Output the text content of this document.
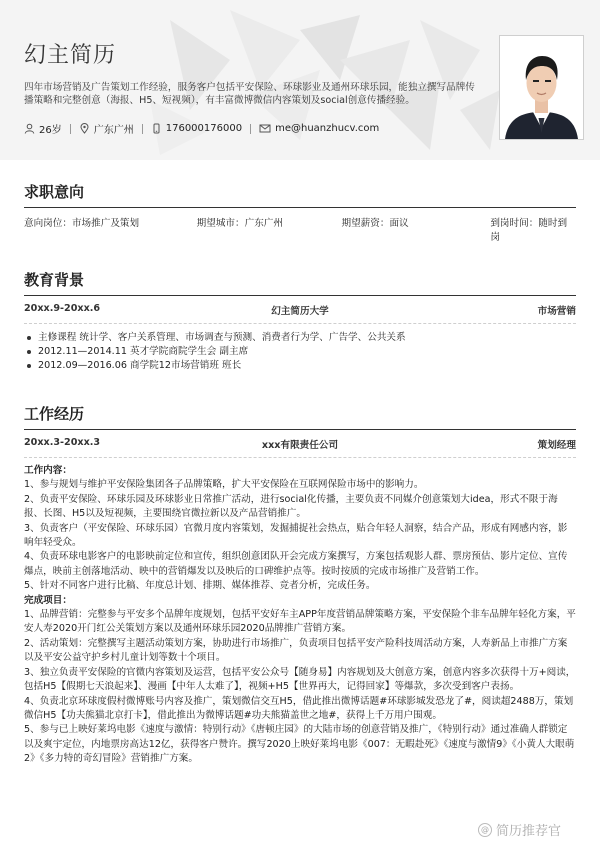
幻主简历

四年市场营销及广告策划工作经验，服务客户包括平安保险、环球影业及通州环球乐园，能独立撰写品牌传播策略和完整创意（海报、H5、短视频），有丰富微博微信内容策划及social创意传播经验。

26岁	广东广州	176000176000	me@huanzhucv.com
求职意向
意向岗位：市场推广及策划	期望城市：广东广州	期望薪资：面议	到岗时间：随时到岗
教育背景
20xx.9-20xx.6	幻主简历大学	市场营销
主修课程 统计学、客户关系管理、市场调查与预测、消费者行为学、广告学、公共关系
2012.11—2014.11 英才学院商院学生会 副主席
2012.09—2016.06 商学院12市场营销班 班长
工作经历
20xx.3-20xx.3	xxx有限责任公司	策划经理

工作内容：

1、参与规划与维护平安保险集团各子品牌策略，扩大平安保险在互联网保险市场中的影响力。

2、负责平安保险、环球乐园及环球影业日常推广活动，进行social化传播，主要负责不同媒介创意策划大idea，形式不限于海报、长图、H5以及短视频，主要围绕官微拉新以及产品营销推广。

3、负责客户（平安保险、环球乐园）官微月度内容策划，发掘捕捉社会热点，贴合年轻人洞察，结合产品，形成有网感内容，影响年轻受众。

4、负责环球电影客户的电影映前定位和宣传，组织创意团队开会完成方案撰写，方案包括观影人群、票房预估、影片定位、宣传爆点，映前主创落地活动、映中的营销爆发以及映后的口碑维护点等。按时按质的完成市场推广及营销工作。

5、针对不同客户进行比稿、年度总计划、排期、媒体推荐、竞者分析，完成任务。

完成项目：

1、品牌营销：完整参与平安多个品牌年度规划，包括平安好车主APP年度营销品牌策略方案，平安保险个非车品牌年轻化方案，平安人寿2020开门红公关策划方案以及通州环球乐园2020品牌推广营销方案。

2、活动策划：完整撰写主题活动策划方案，协助进行市场推广，负责项目包括平安产险科技周活动方案，人寿新品上市推广方案以及平安公益守护乡村儿童计划等数十个项目。

3、独立负责平安保险的官微内容策划及运营，包括平安公众号【随身易】内容规划及大创意方案，创意内容多次获得十万+阅读，包括H5【假期七天浪起来】、漫画【中年人太难了】，视频+H5【世界再大，记得回家】等爆款，多次受到客户表扬。

4、负责北京环球度假村微博账号内容及推广，策划微信交互H5，借此推出微博话题#环球影城发恐龙了#，阅读超2488万，策划微信H5【功夫熊猫北京打卡】，借此推出为微博话题#功夫熊猫盖世之地#，获得上千万用户围观。

5、参与已上映好莱坞电影《速度与激情：特别行动》《唐顿庄园》的大陆市场的创意营销及推广，《特别行动》通过准确人群锁定以及爽宇定位，内地票房高达12亿，获得客户赞许。撰写2020上映好莱坞电影《007：无暇赴死》《速度与激情9》《小黄人大眼萌2》《多力特的奇幻冒险》营销推广方案。

@ 简历推荐官
